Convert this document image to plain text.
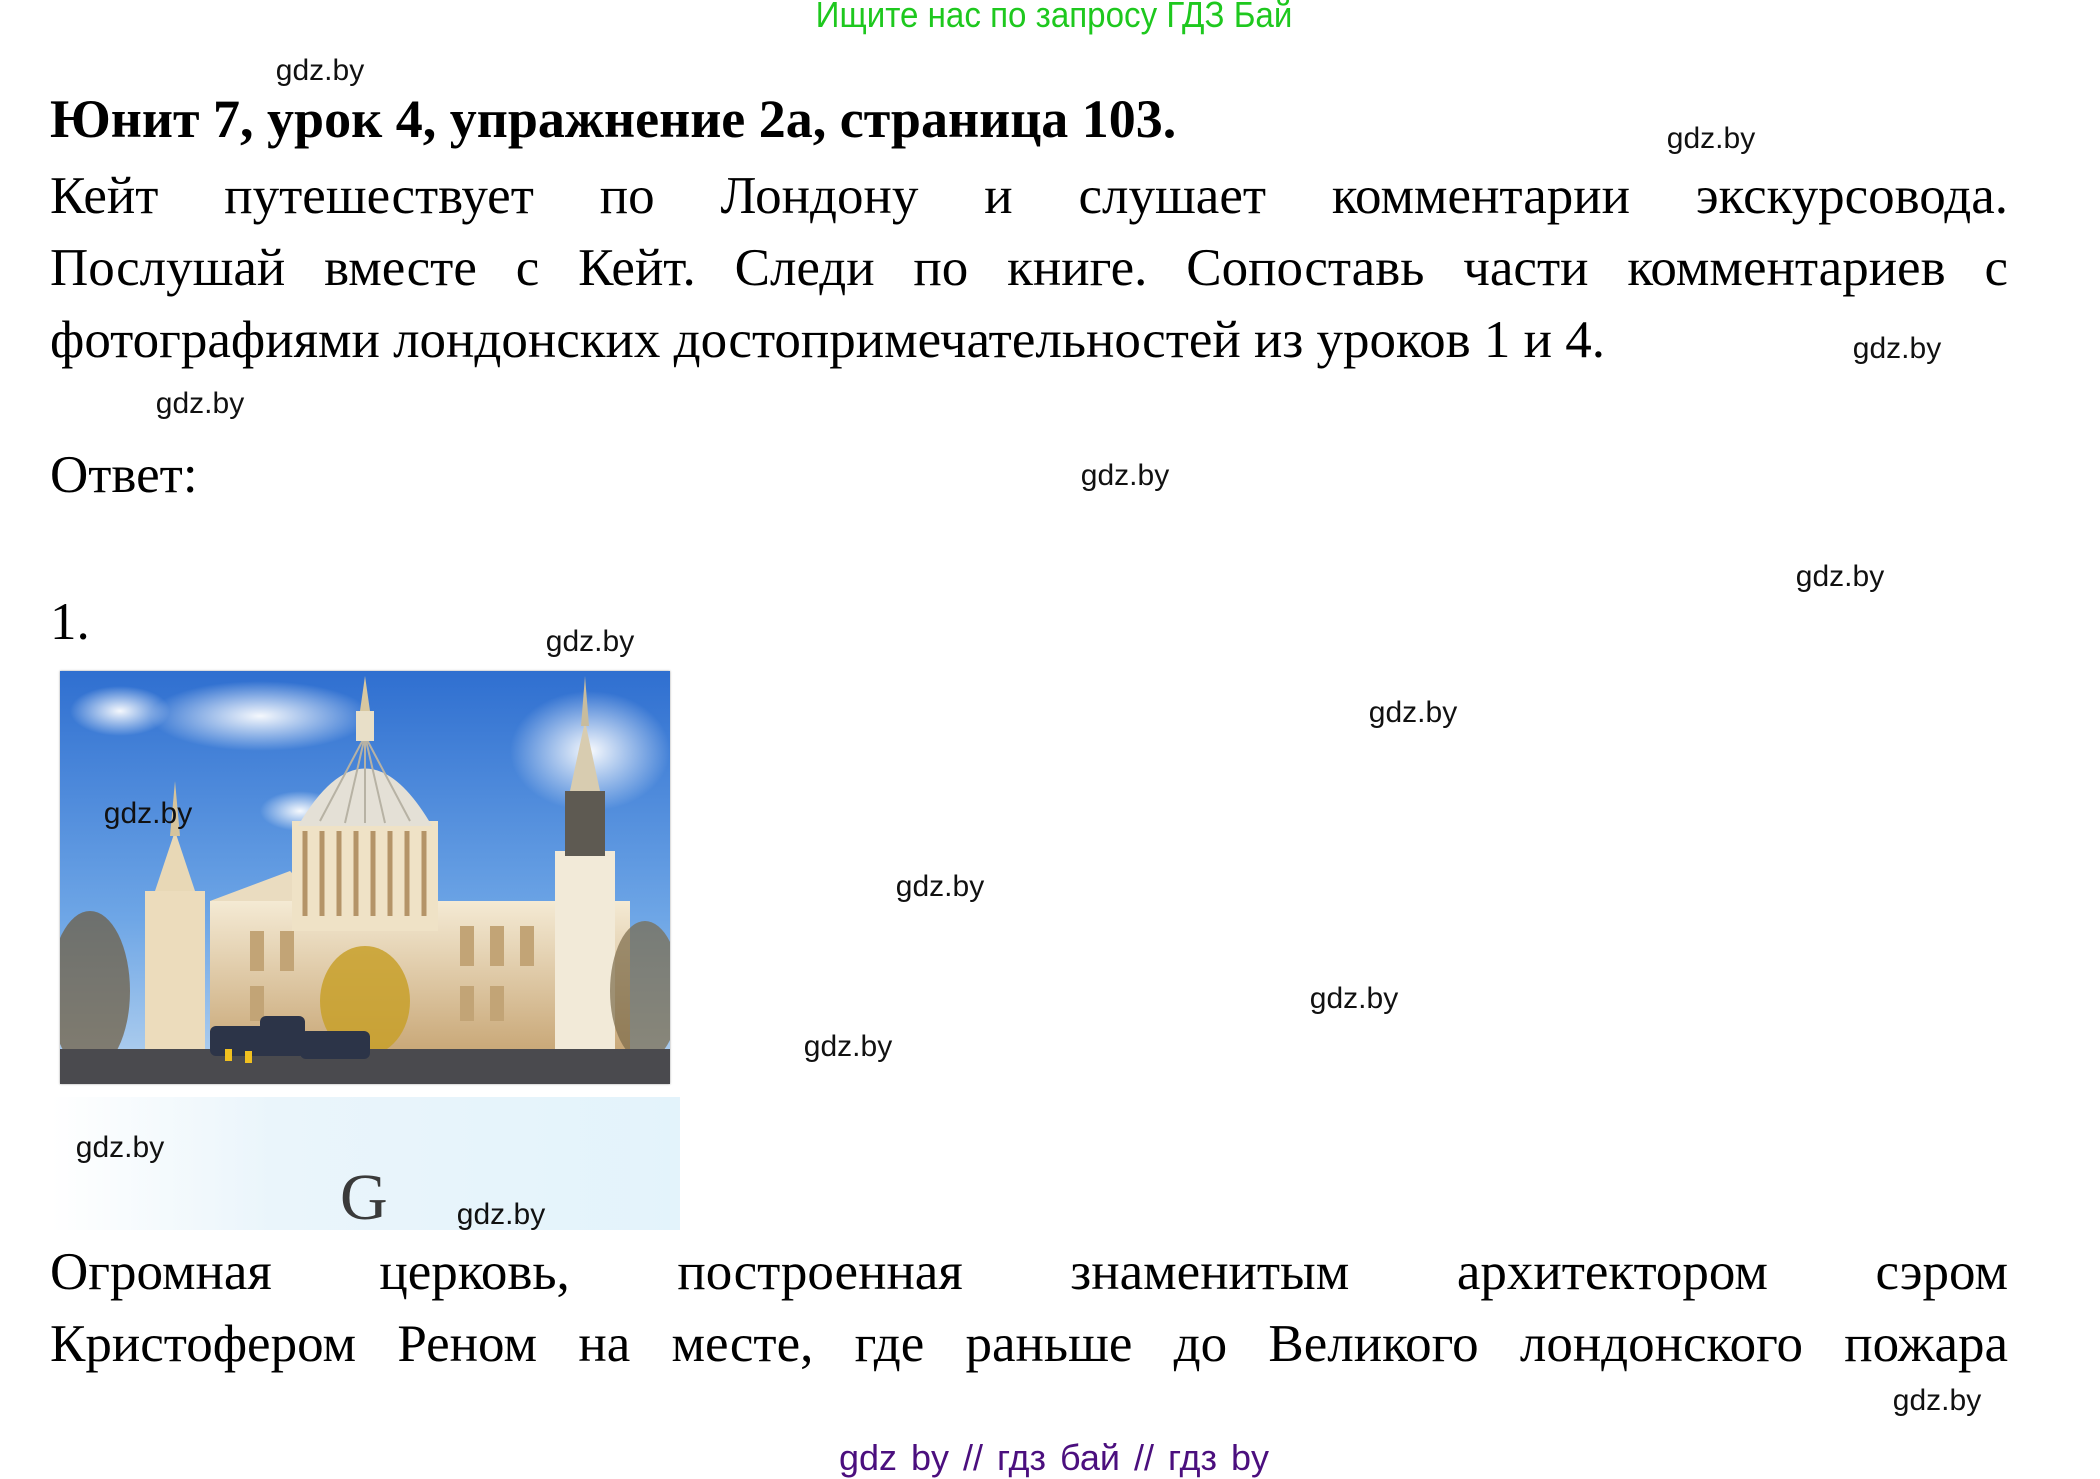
Ищите нас по запросу ГДЗ Бай
Юнит 7, урок 4, упражнение 2а, страница 103.
Кейт путешествует по Лондону и слушает комментарии экскурсовода.
Послушай вместе с Кейт. Следи по книге. Сопоставь части комментариев с
фотографиями лондонских достопримечательностей из уроков 1 и 4.
Ответ:
1.
G
Огромная церковь, построенная знаменитым архитектором сэром
Кристофером Реном на месте, где раньше до Великого лондонского пожара
gdz.by
gdz.by
gdz.by
gdz.by
gdz.by
gdz.by
gdz.by
gdz.by
gdz.by
gdz.by
gdz.by
gdz.by
gdz.by
gdz.by
gdz.by
gdz by // гдз бай // гдз by
